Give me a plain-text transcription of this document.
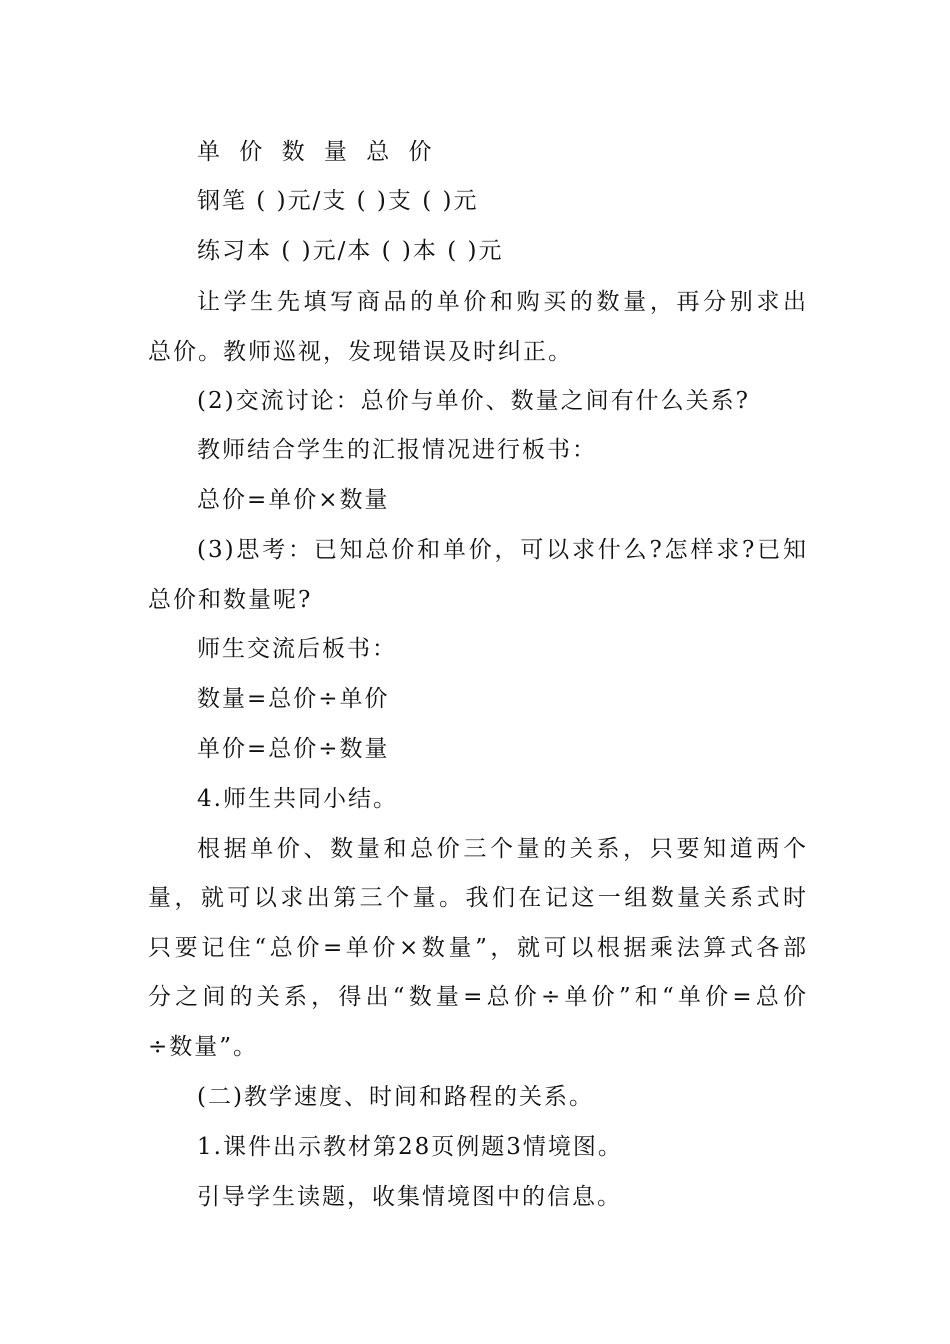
单 价 数 量 总 价
钢笔 ( )元/支 ( )支 ( )元
练习本 ( )元/本 ( )本 ( )元
让学生先填写商品的单价和购买的数量，再分别求出
总价。教师巡视，发现错误及时纠正。
(2)交流讨论：总价与单价、数量之间有什么关系?
教师结合学生的汇报情况进行板书：
总价=单价×数量
(3)思考：已知总价和单价，可以求什么?怎样求?已知
总价和数量呢?
师生交流后板书：
数量=总价÷单价
单价=总价÷数量
4.师生共同小结。
根据单价、数量和总价三个量的关系，只要知道两个
量，就可以求出第三个量。我们在记这一组数量关系式时
只要记住“总价=单价×数量”，就可以根据乘法算式各部
分之间的关系，得出“数量=总价÷单价”和“单价=总价
÷数量”。
(二)教学速度、时间和路程的关系。
1.课件出示教材第28页例题3情境图。
引导学生读题，收集情境图中的信息。
